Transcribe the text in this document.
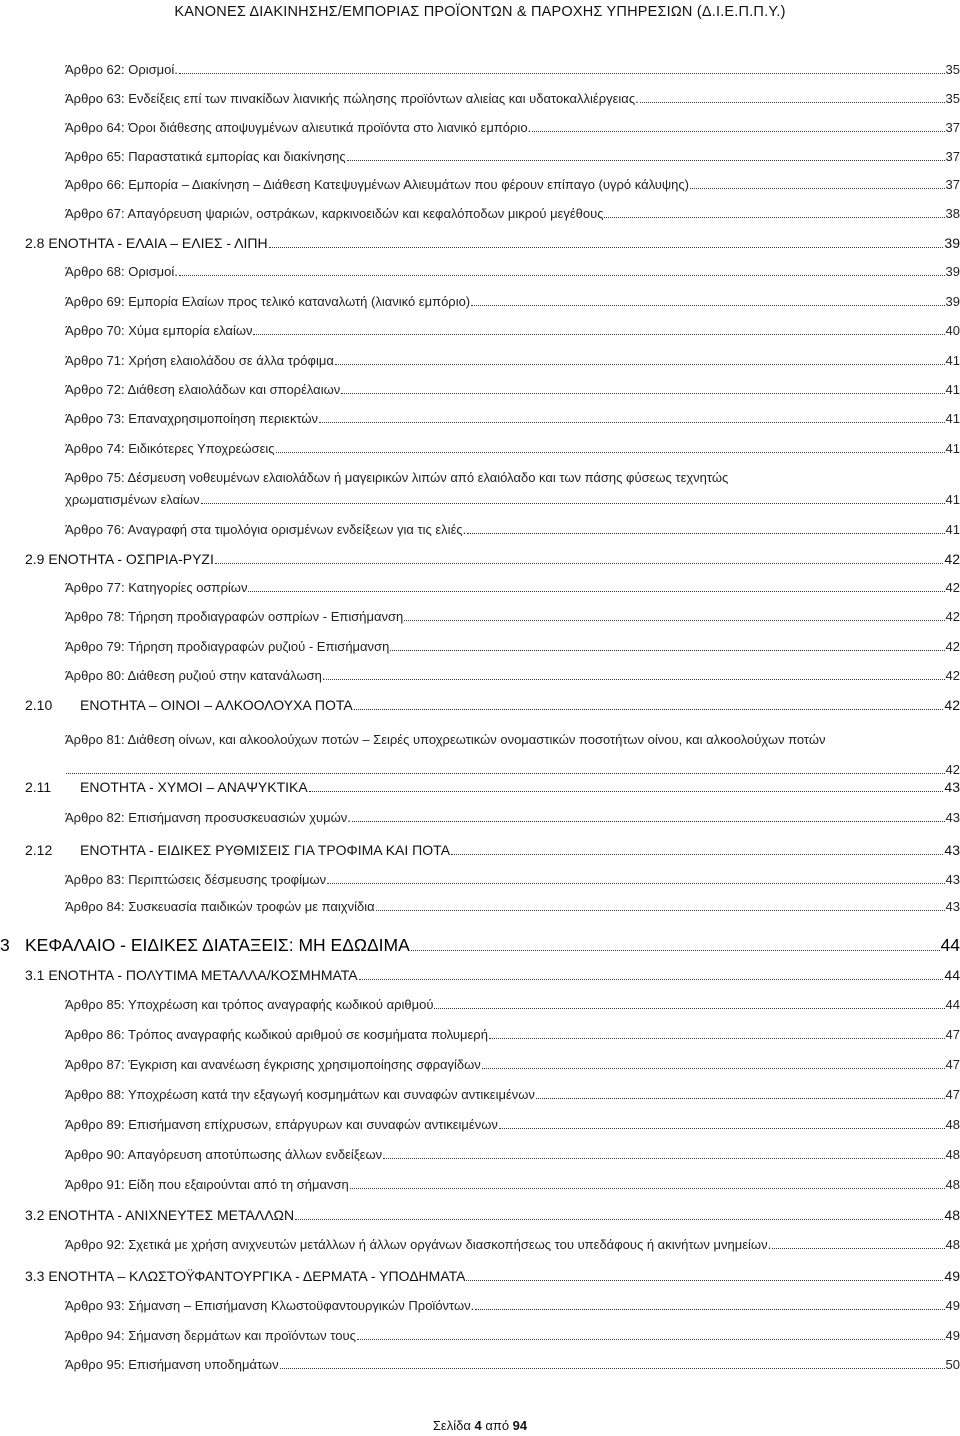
ΚΑΝΟΝΕΣ ΔΙΑΚΙΝΗΣΗΣ/ΕΜΠΟΡΙΑΣ ΠΡΟΪΟΝΤΩΝ & ΠΑΡΟΧΗΣ ΥΠΗΡΕΣΙΩΝ (Δ.Ι.Ε.Π.Π.Υ.)
Άρθρο 62: Ορισμοί.	35
Άρθρο 63: Ενδείξεις επί των πινακίδων λιανικής πώλησης προϊόντων αλιείας και υδατοκαλλιέργειας.	35
Άρθρο 64: Όροι διάθεσης αποψυγμένων αλιευτικά προϊόντα στο λιανικό εμπόριο.	37
Άρθρο 65: Παραστατικά εμπορίας και διακίνησης	37
Άρθρο 66: Εμπορία – Διακίνηση – Διάθεση Κατεψυγμένων Αλιευμάτων που φέρουν επίπαγο (υγρό κάλυψης)	37
Άρθρο 67: Απαγόρευση ψαριών, οστράκων, καρκινοειδών και κεφαλόποδων μικρού μεγέθους	38
2.8 ΕΝΟΤΗΤΑ - ΕΛΑΙΑ – ΕΛΙΕΣ - ΛΙΠΗ	39
Άρθρο 68: Ορισμοί.	39
Άρθρο 69: Εμπορία Ελαίων προς τελικό καταναλωτή (λιανικό εμπόριο)	39
Άρθρο 70: Χύμα εμπορία ελαίων	40
Άρθρο 71: Χρήση ελαιολάδου σε άλλα τρόφιμα	41
Άρθρο 72: Διάθεση ελαιολάδων και σπορέλαιων	41
Άρθρο 73: Επαναχρησιμοποίηση περιεκτών	41
Άρθρο 74: Ειδικότερες Υποχρεώσεις	41
Άρθρο 75: Δέσμευση νοθευμένων ελαιολάδων ή μαγειρικών λιπών από ελαιόλαδο και των πάσης φύσεως τεχνητώς
χρωματισμένων ελαίων	41
Άρθρο 76: Αναγραφή στα τιμολόγια ορισμένων ενδείξεων για τις ελιές.	41
2.9 ΕΝΟΤΗΤΑ - ΟΣΠΡΙΑ-ΡΥΖΙ	42
Άρθρο 77: Κατηγορίες οσπρίων	42
Άρθρο 78: Τήρηση προδιαγραφών οσπρίων - Επισήμανση	42
Άρθρο 79: Τήρηση προδιαγραφών ρυζιού - Επισήμανση	42
Άρθρο 80: Διάθεση ρυζιού στην κατανάλωση.	42
2.10 ΕΝΟΤΗΤΑ – ΟΙΝΟΙ – ΑΛΚΟΟΛΟΥΧΑ ΠΟΤΑ	42
Άρθρο 81: Διάθεση οίνων, και αλκοολούχων ποτών – Σειρές υποχρεωτικών ονομαστικών ποσοτήτων οίνου, και αλκοολούχων ποτών
42
2.11 ΕΝΟΤΗΤΑ - ΧΥΜΟΙ – ΑΝΑΨΥΚΤΙΚΑ	43
Άρθρο 82: Επισήμανση προσυσκευασιών χυμών.	43
2.12 ΕΝΟΤΗΤΑ - ΕΙΔΙΚΕΣ ΡΥΘΜΙΣΕΙΣ ΓΙΑ ΤΡΟΦΙΜΑ ΚΑΙ ΠΟΤΑ	43
Άρθρο 83: Περιπτώσεις δέσμευσης τροφίμων	43
Άρθρο 84: Συσκευασία παιδικών τροφών με παιχνίδια	43
3 ΚΕΦΑΛΑΙΟ - ΕΙΔΙΚΕΣ ΔΙΑΤΑΞΕΙΣ: ΜΗ ΕΔΩΔΙΜΑ	44
3.1 ΕΝΟΤΗΤΑ - ΠΟΛΥΤΙΜΑ ΜΕΤΑΛΛΑ/ΚΟΣΜΗΜΑΤΑ	44
Άρθρο 85: Υποχρέωση και τρόπος αναγραφής κωδικού αριθμού	44
Άρθρο 86: Τρόπος αναγραφής κωδικού αριθμού σε κοσμήματα πολυμερή	47
Άρθρο 87: Έγκριση και ανανέωση έγκρισης χρησιμοποίησης σφραγίδων	47
Άρθρο 88: Υποχρέωση κατά την εξαγωγή κοσμημάτων και συναφών αντικειμένων	47
Άρθρο 89: Επισήμανση επίχρυσων, επάργυρων και συναφών αντικειμένων	48
Άρθρο 90: Απαγόρευση αποτύπωσης άλλων ενδείξεων	48
Άρθρο 91: Είδη που εξαιρούνται από τη σήμανση	48
3.2 ΕΝΟΤΗΤΑ - ΑΝΙΧΝΕΥΤΕΣ ΜΕΤΑΛΛΩΝ	48
Άρθρο 92: Σχετικά με χρήση ανιχνευτών μετάλλων ή άλλων οργάνων διασκοπήσεως του υπεδάφους ή ακινήτων μνημείων.	48
3.3 ΕΝΟΤΗΤΑ – ΚΛΩΣΤΟΫΦΑΝΤΟΥΡΓΙΚΑ - ΔΕΡΜΑΤΑ - ΥΠΟΔΗΜΑΤΑ	49
Άρθρο 93: Σήμανση – Επισήμανση Κλωστοϋφαντουργικών Προϊόντων.	49
Άρθρο 94: Σήμανση δερμάτων και προϊόντων τους	49
Άρθρο 95: Επισήμανση υποδημάτων	50
Σελίδα 4 από 94
